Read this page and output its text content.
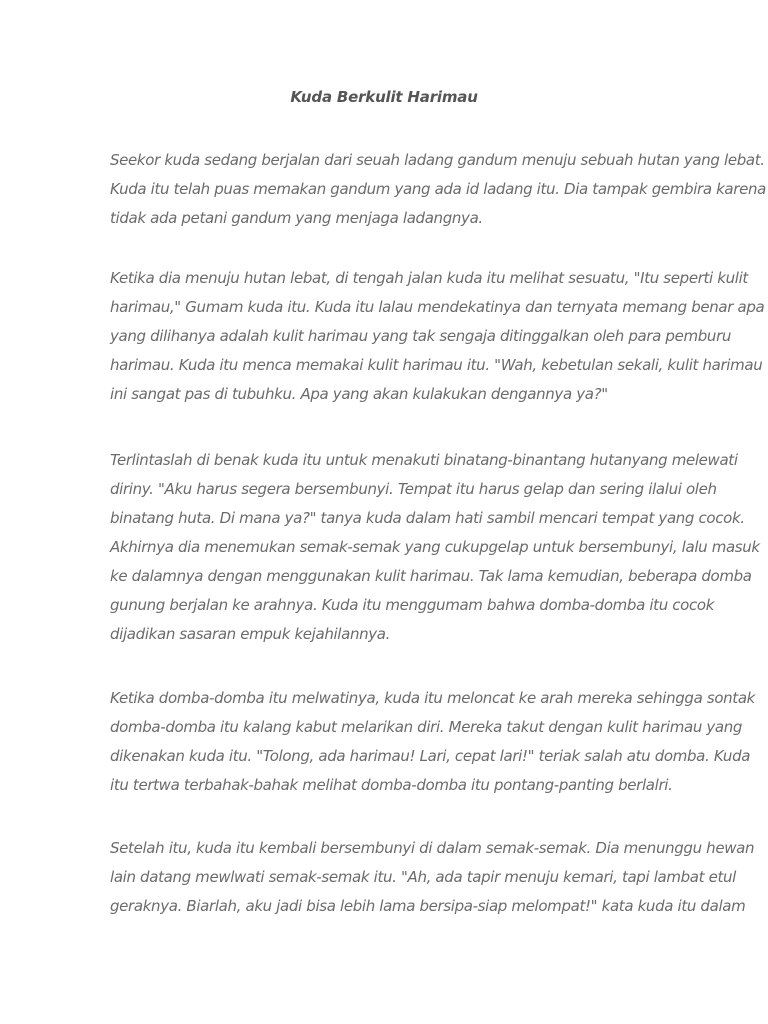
Kuda Berkulit Harimau
Seekor kuda sedang berjalan dari seuah ladang gandum menuju sebuah hutan yang lebat.
Kuda itu telah puas memakan gandum yang ada id ladang itu. Dia tampak gembira karena
tidak ada petani gandum yang menjaga ladangnya.
Ketika dia menuju hutan lebat, di tengah jalan kuda itu melihat sesuatu, "Itu seperti kulit
harimau," Gumam kuda itu. Kuda itu lalau mendekatinya dan ternyata memang benar apa
yang dilihanya adalah kulit harimau yang tak sengaja ditinggalkan oleh para pemburu
harimau. Kuda itu menca memakai kulit harimau itu. "Wah, kebetulan sekali, kulit harimau
ini sangat pas di tubuhku. Apa yang akan kulakukan dengannya ya?"
Terlintaslah di benak kuda itu untuk menakuti binatang-binantang hutanyang melewati
diriny. "Aku harus segera bersembunyi. Tempat itu harus gelap dan sering ilalui oleh
binatang huta. Di mana ya?" tanya kuda dalam hati sambil mencari tempat yang cocok.
Akhirnya dia menemukan semak-semak yang cukupgelap untuk bersembunyi, lalu masuk
ke dalamnya dengan menggunakan kulit harimau. Tak lama kemudian, beberapa domba
gunung berjalan ke arahnya. Kuda itu menggumam bahwa domba-domba itu cocok
dijadikan sasaran empuk kejahilannya.
Ketika domba-domba itu melwatinya, kuda itu meloncat ke arah mereka sehingga sontak
domba-domba itu kalang kabut melarikan diri. Mereka takut dengan kulit harimau yang
dikenakan kuda itu. "Tolong, ada harimau! Lari, cepat lari!" teriak salah atu domba. Kuda
itu tertwa terbahak-bahak melihat domba-domba itu pontang-panting berlalri.
Setelah itu, kuda itu kembali bersembunyi di dalam semak-semak. Dia menunggu hewan
lain datang mewlwati semak-semak itu. "Ah, ada tapir menuju kemari, tapi lambat etul
geraknya. Biarlah, aku jadi bisa lebih lama bersipa-siap melompat!" kata kuda itu dalam
